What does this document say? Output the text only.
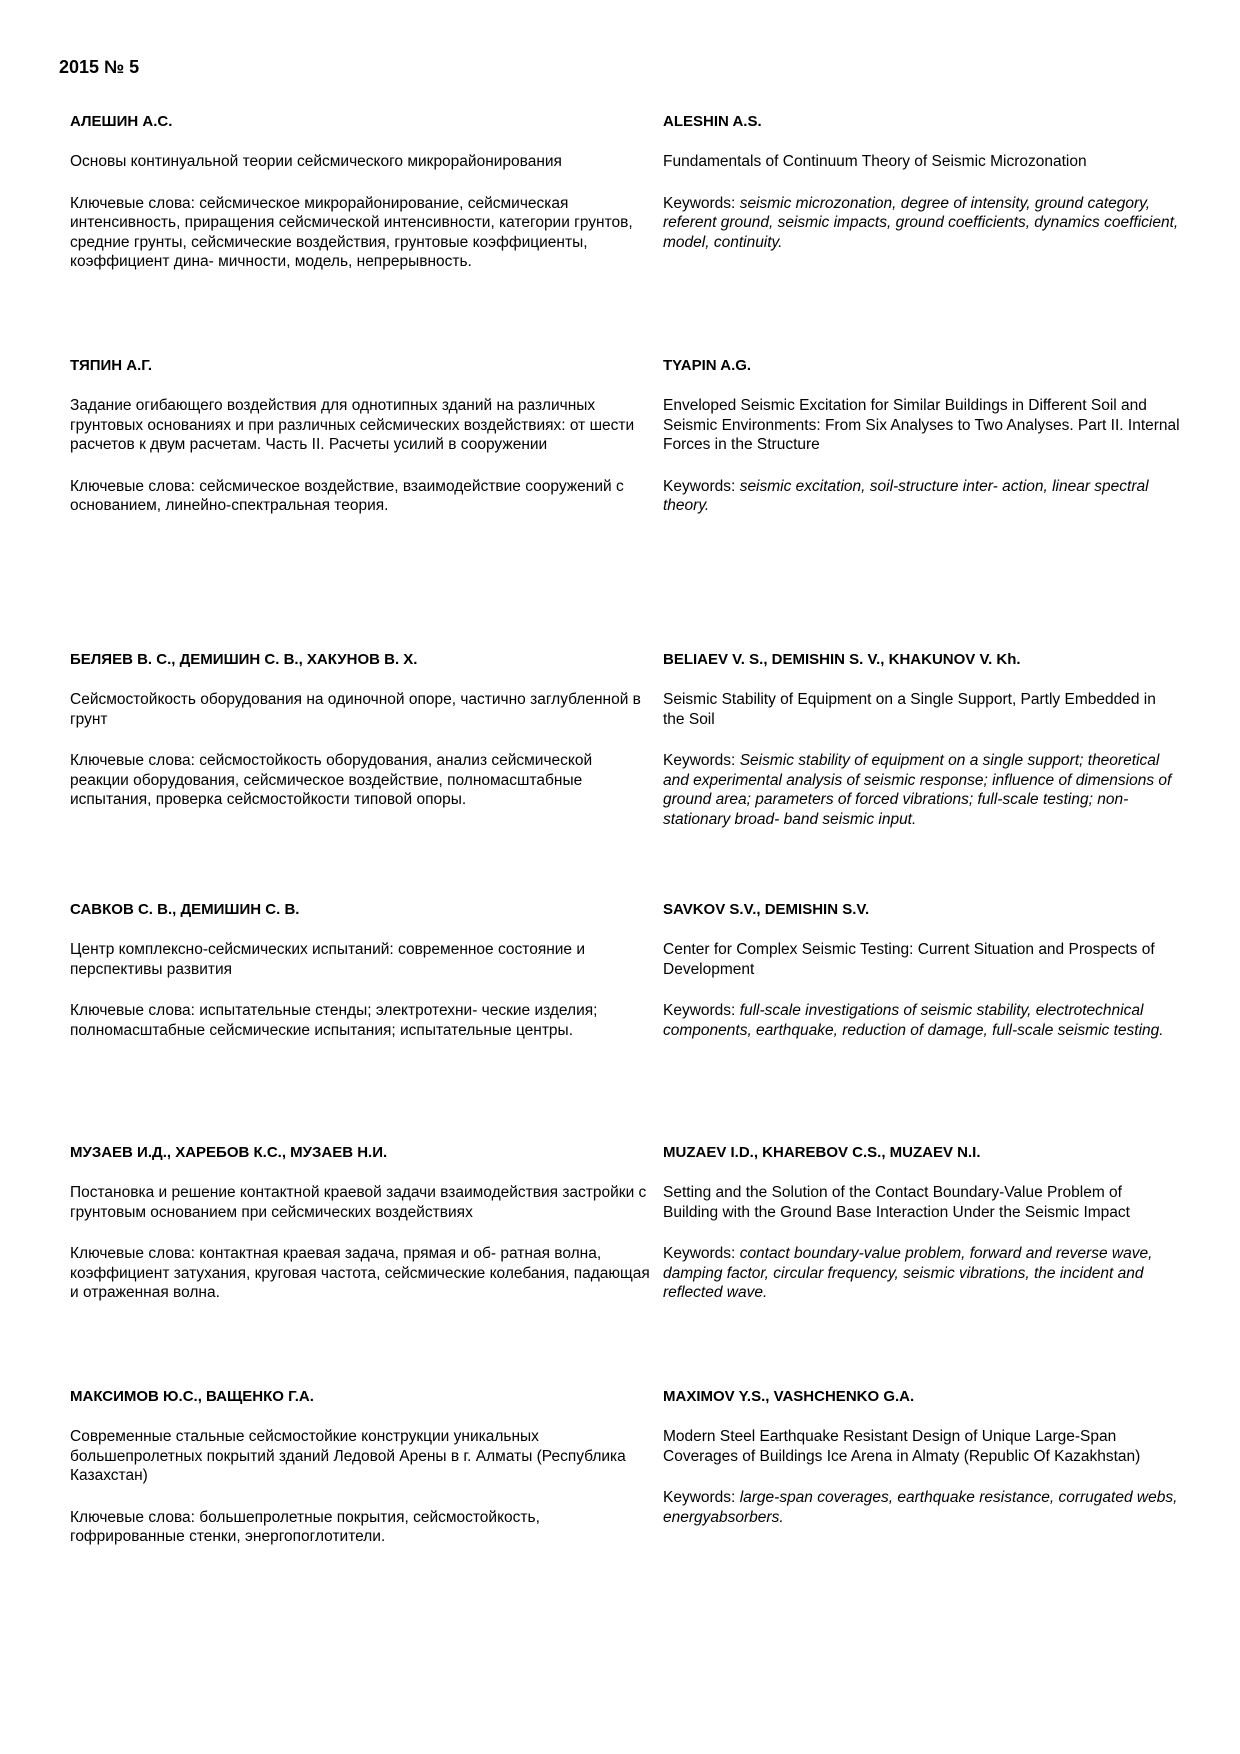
2015 № 5

АЛЕШИН А.С.

Основы континуальной теории сейсмического микрорайонирования

Ключевые слова: сейсмическое микрорайонирование, сейсмическая интенсивность, приращения сейсмической интенсивности, категории грунтов, средние грунты, сейсмические воздействия, грунтовые коэффициенты, коэффициент дина- мичности, модель, непрерывность.

ALESHIN A.S.

Fundamentals of Continuum Theory of Seismic Microzonation

Keywords: seismic microzonation, degree of intensity, ground category, referent ground, seismic impacts, ground coefficients, dynamics coefficient, model, continuity.

ТЯПИН А.Г.

Задание огибающего воздействия для однотипных зданий на различных грунтовых основаниях и при различных сейсмических воздействиях: от шести расчетов к двум расчетам. Часть II. Расчеты усилий в сооружении

Ключевые слова: сейсмическое воздействие, взаимодействие сооружений с основанием, линейно-спектральная теория.

TYAPIN A.G.

Enveloped Seismic Excitation for Similar Buildings in Different Soil and Seismic Environments: From Six Analyses to Two Analyses. Part II. Internal Forces in the Structure

Keywords: seismic excitation, soil-structure inter- action, linear spectral theory.

БЕЛЯЕВ В. С., ДЕМИШИН С. В., ХАКУНОВ В. Х.

Сейсмостойкость оборудования на одиночной опоре, частично заглубленной в грунт

Ключевые слова: сейсмостойкость оборудования, анализ сейсмической реакции оборудования, сейсмическое воздействие, полномасштабные испытания, проверка сейсмостойкости типовой опоры.

BELIAEV V. S., DEMISHIN S. V., KHAKUNOV V. Kh.

Seismic Stability of Equipment on a Single Support, Partly Embedded in the Soil

Keywords: Seismic stability of equipment on a single support; theoretical and experimental analysis of seismic response; influence of dimensions of ground area; parameters of forced vibrations; full-scale testing; non-stationary broad- band seismic input.

САВКОВ С. В., ДЕМИШИН С. В.

Центр комплексно-сейсмических испытаний: современное состояние и перспективы развития

Ключевые слова: испытательные стенды; электротехни- ческие изделия; полномасштабные сейсмические испытания; испытательные центры.

SAVKOV S.V., DEMISHIN S.V.

Center for Complex Seismic Testing: Current Situation and Prospects of Development

Keywords: full-scale investigations of seismic stability, electrotechnical components, earthquake, reduction of damage, full-scale seismic testing.

МУЗАЕВ И.Д., ХАРЕБОВ К.С., МУЗАЕВ Н.И.

Постановка и решение контактной краевой задачи взаимодействия застройки с грунтовым основанием при сейсмических воздействиях

Ключевые слова: контактная краевая задача, прямая и об- ратная волна, коэффициент затухания, круговая частота, сейсмические колебания, падающая и отраженная волна.

MUZAEV I.D., KHAREBOV C.S., MUZAEV N.I.

Setting and the Solution of the Contact Boundary-Value Problem of Building with the Ground Base Interaction Under the Seismic Impact

Keywords: contact boundary-value problem, forward and reverse wave, damping factor, circular frequency, seismic vibrations, the incident and reflected wave.

МАКСИМОВ Ю.С., ВАЩЕНКО Г.А.

Современные стальные сейсмостойкие конструкции уникальных большепролетных покрытий зданий Ледовой Арены в г. Алматы (Республика Казахстан)

Ключевые слова: большепролетные покрытия, сейсмостойкость, гофрированные стенки, энергопоглотители.

MAXIMOV Y.S., VASHCHENKO G.A.

Modern Steel Earthquake Resistant Design of Unique Large-Span Coverages of Buildings Ice Arena in Almaty (Republic Of Kazakhstan)

Keywords: large-span coverages, earthquake resistance, corrugated webs, energyabsorbers.
